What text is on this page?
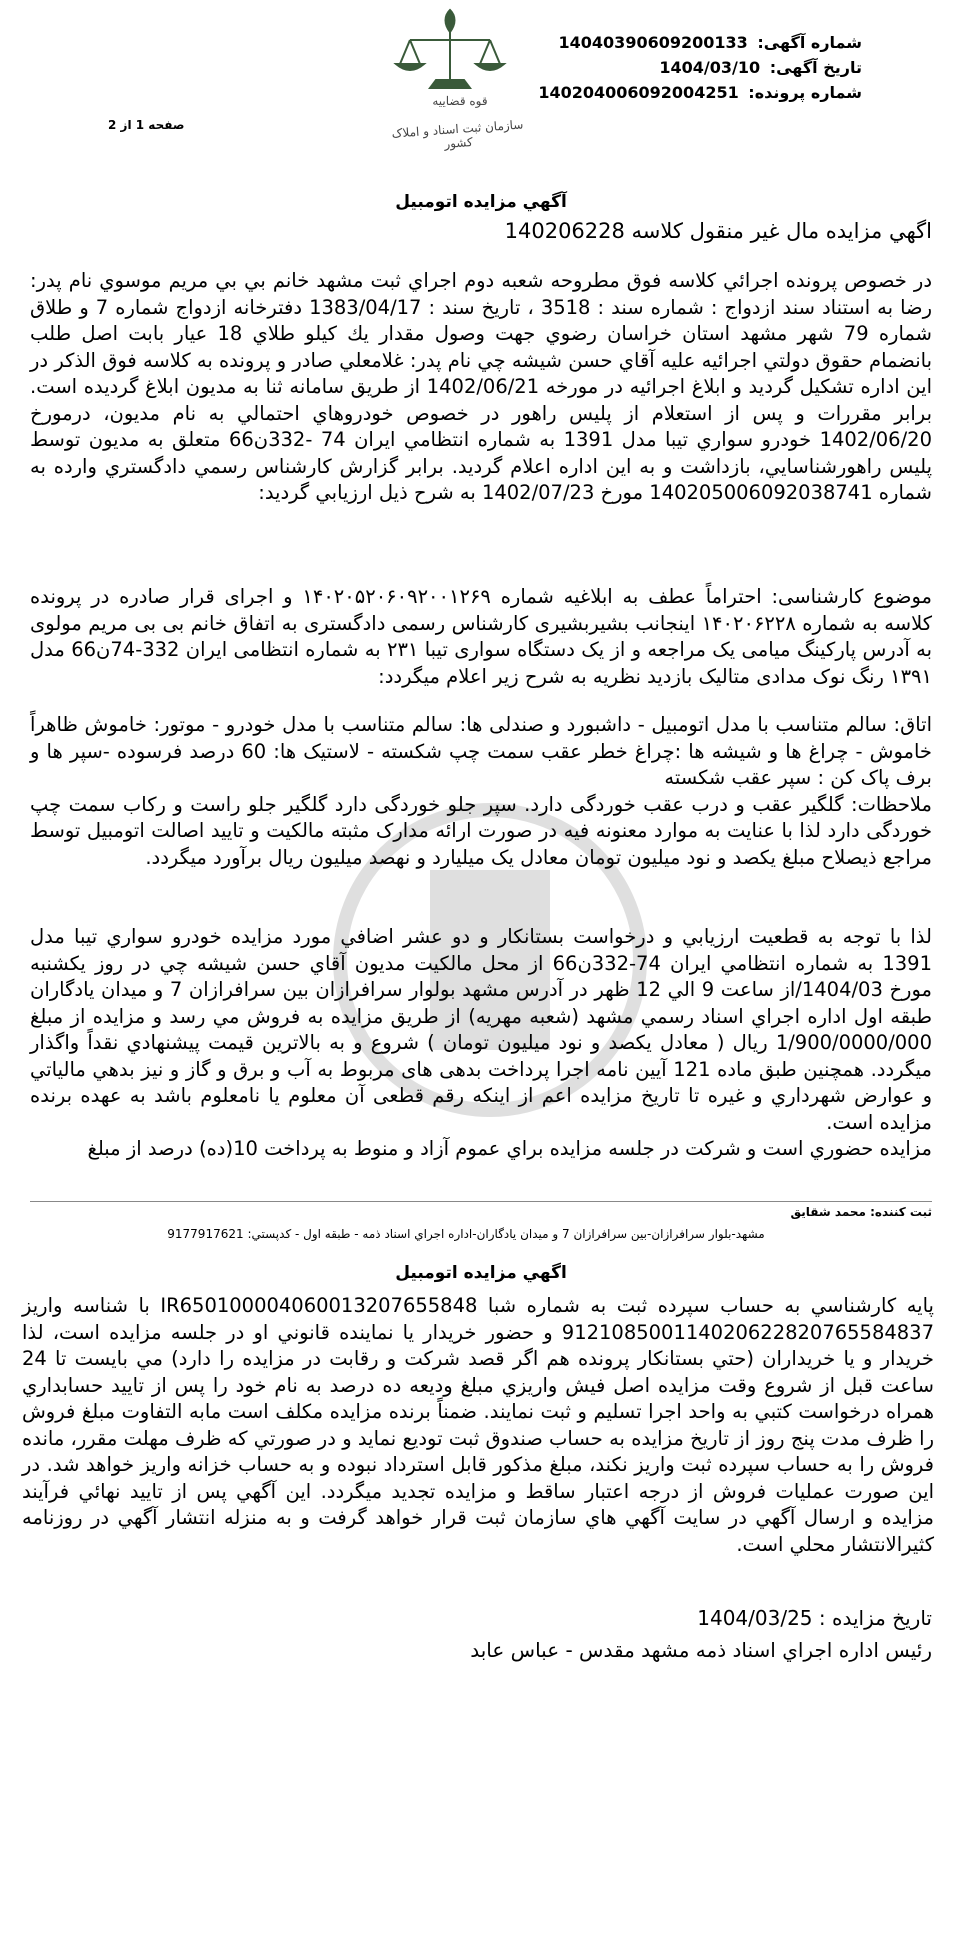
شماره آگهی: 14040390609200133
تاریخ آگهی: 1404/03/10
شماره پرونده: 140204006092004251
قوه قضاییه
سازمان ثبت اسناد و املاک کشور
صفحه 1 از 2
آگهي مزايده اتومبيل

اگهي مزايده مال غير منقول كلاسه 140206228

در خصوص پرونده اجرائي كلاسه فوق مطروحه شعبه دوم اجراي ثبت مشهد خانم بي بي مريم موسوي نام پدر: رضا به استناد سند ازدواج : شماره سند : 3518 ، تاريخ سند : 1383/04/17 دفترخانه ازدواج شماره 7 و طلاق شماره 79 شهر مشهد استان خراسان رضوي جهت وصول مقدار يك كيلو طلاي 18 عيار بابت اصل طلب بانضمام حقوق دولتي اجرائيه عليه آقاي حسن شيشه چي نام پدر: غلامعلي صادر و پرونده به كلاسه فوق الذكر در اين اداره تشكيل گرديد و ابلاغ اجرائيه در مورخه 1402/06/21 از طريق سامانه ثنا به مديون ابلاغ گرديده است. برابر مقررات و پس از استعلام از پليس راهور در خصوص خودروهاي احتمالي به نام مديون، درمورخ 1402/06/20 خودرو سواري تيبا مدل 1391 به شماره انتظامي ايران 74 -332ن66 متعلق به مديون توسط پليس راهورشناسايي، بازداشت و به اين اداره اعلام گرديد. برابر گزارش كارشناس رسمي دادگستري وارده به شماره 140205006092038741 مورخ 1402/07/23 به شرح ذيل ارزيابي گرديد:

موضوع کارشناسی: احتراماً عطف به ابلاغیه شماره ۱۴۰۲۰۵۲۰۶۰۹۲۰۰۱۲۶۹ و اجرای قرار صادره در پرونده کلاسه به شماره ۱۴۰۲۰۶۲۲۸ اینجانب بشیربشیری کارشناس رسمی دادگستری به اتفاق خانم بی بی مریم مولوی به آدرس پارکینگ میامی یک مراجعه و از یک دستگاه سواری تیبا ۲۳۱ به شماره انتظامی ایران 332-74ن66 مدل ۱۳۹۱ رنگ نوک مدادی متالیک بازدید نظریه به شرح زیر اعلام میگردد:

اتاق: سالم متناسب با مدل اتومبيل - داشبورد و صندلی ها: سالم متناسب با مدل خودرو - موتور: خاموش ظاهراً خاموش - چراغ ها و شيشه ها :چراغ خطر عقب سمت چپ شكسته - لاستيک ها: 60 درصد فرسوده -سپر ها و برف پاک كن : سپر عقب شكسته
ملاحظات: گلگیر عقب و درب عقب خوردگی دارد. سپر جلو خوردگی دارد گلگیر جلو راست و رکاب سمت چپ خوردگی دارد لذا با عنایت به موارد معنونه فیه در صورت ارائه مدارک مثبته مالکیت و تایید اصالت اتومبیل توسط مراجع ذیصلاح مبلغ یکصد و نود میلیون تومان معادل یک میلیارد و نهصد میلیون ریال برآورد میگردد.

لذا با توجه به قطعيت ارزيابي و درخواست بستانكار و دو عشر اضافي مورد مزايده خودرو سواري تيبا مدل 1391 به شماره انتظامي ايران 74-332ن66 از محل مالكيت مديون آقاي حسن شيشه چي در روز يكشنبه مورخ 1404/03/از ساعت 9 الي 12 ظهر در آدرس مشهد بولوار سرافرازان بين سرافرازان 7 و ميدان يادگاران طبقه اول اداره اجراي اسناد رسمي مشهد (شعبه مهريه) از طريق مزايده به فروش مي رسد و مزايده از مبلغ 1/900/0000/000 ريال ( معادل يكصد و نود ميليون تومان ) شروع و به بالاترين قيمت پيشنهادي نقداً واگذار ميگردد. همچنين طبق ماده 121 آيين نامه اجرا پرداخت بدهی های مربوط به آب و برق و گاز و نيز بدهي مالياتي و عوارض شهرداري و غيره تا تاريخ مزايده اعم از اينكه رقم قطعی آن معلوم يا نامعلوم باشد به عهده برنده مزايده است.
مزايده حضوري است و شركت در جلسه مزايده براي عموم آزاد و منوط به پرداخت 10(ده) درصد از مبلغ

ثبت كننده: محمد شقايق
مشهد-بلوار سرافرازان-بين سرافرازان 7 و ميدان يادگاران-اداره اجراي اسناد ذمه - طبقه اول - کدپستي: 9177917621
اگهي مزايده اتومبيل

پايه كارشناسي به حساب سپرده ثبت به شماره شبا IR650100004060013207655848 با شناسه واريز 912108500114020622820765584837 و حضور خريدار يا نماينده قانوني او در جلسه مزايده است، لذا خريدار و يا خريداران (حتي بستانكار پرونده هم اگر قصد شركت و رقابت در مزايده را دارد) مي بايست تا 24 ساعت قبل از شروع وقت مزايده اصل فيش واريزي مبلغ وديعه ده درصد به نام خود را پس از تاييد حسابداري همراه درخواست كتبي به واحد اجرا تسليم و ثبت نمايند. ضمناً برنده مزايده مكلف است مابه التفاوت مبلغ فروش را ظرف مدت پنج روز از تاريخ مزايده به حساب صندوق ثبت توديع نمايد و در صورتي كه ظرف مهلت مقرر، مانده فروش را به حساب سپرده ثبت واريز نكند، مبلغ مذكور قابل استرداد نبوده و به حساب خزانه واريز خواهد شد. در اين صورت عمليات فروش از درجه اعتبار ساقط و مزايده تجديد ميگردد. اين آگهي پس از تاييد نهائي فرآيند مزايده و ارسال آگهي در سايت آگهي هاي سازمان ثبت قرار خواهد گرفت و به منزله انتشار آگهي در روزنامه كثيرالانتشار محلي است.

تاريخ مزايده : 1404/03/25
رئيس اداره اجراي اسناد ذمه مشهد مقدس - عباس عابد
